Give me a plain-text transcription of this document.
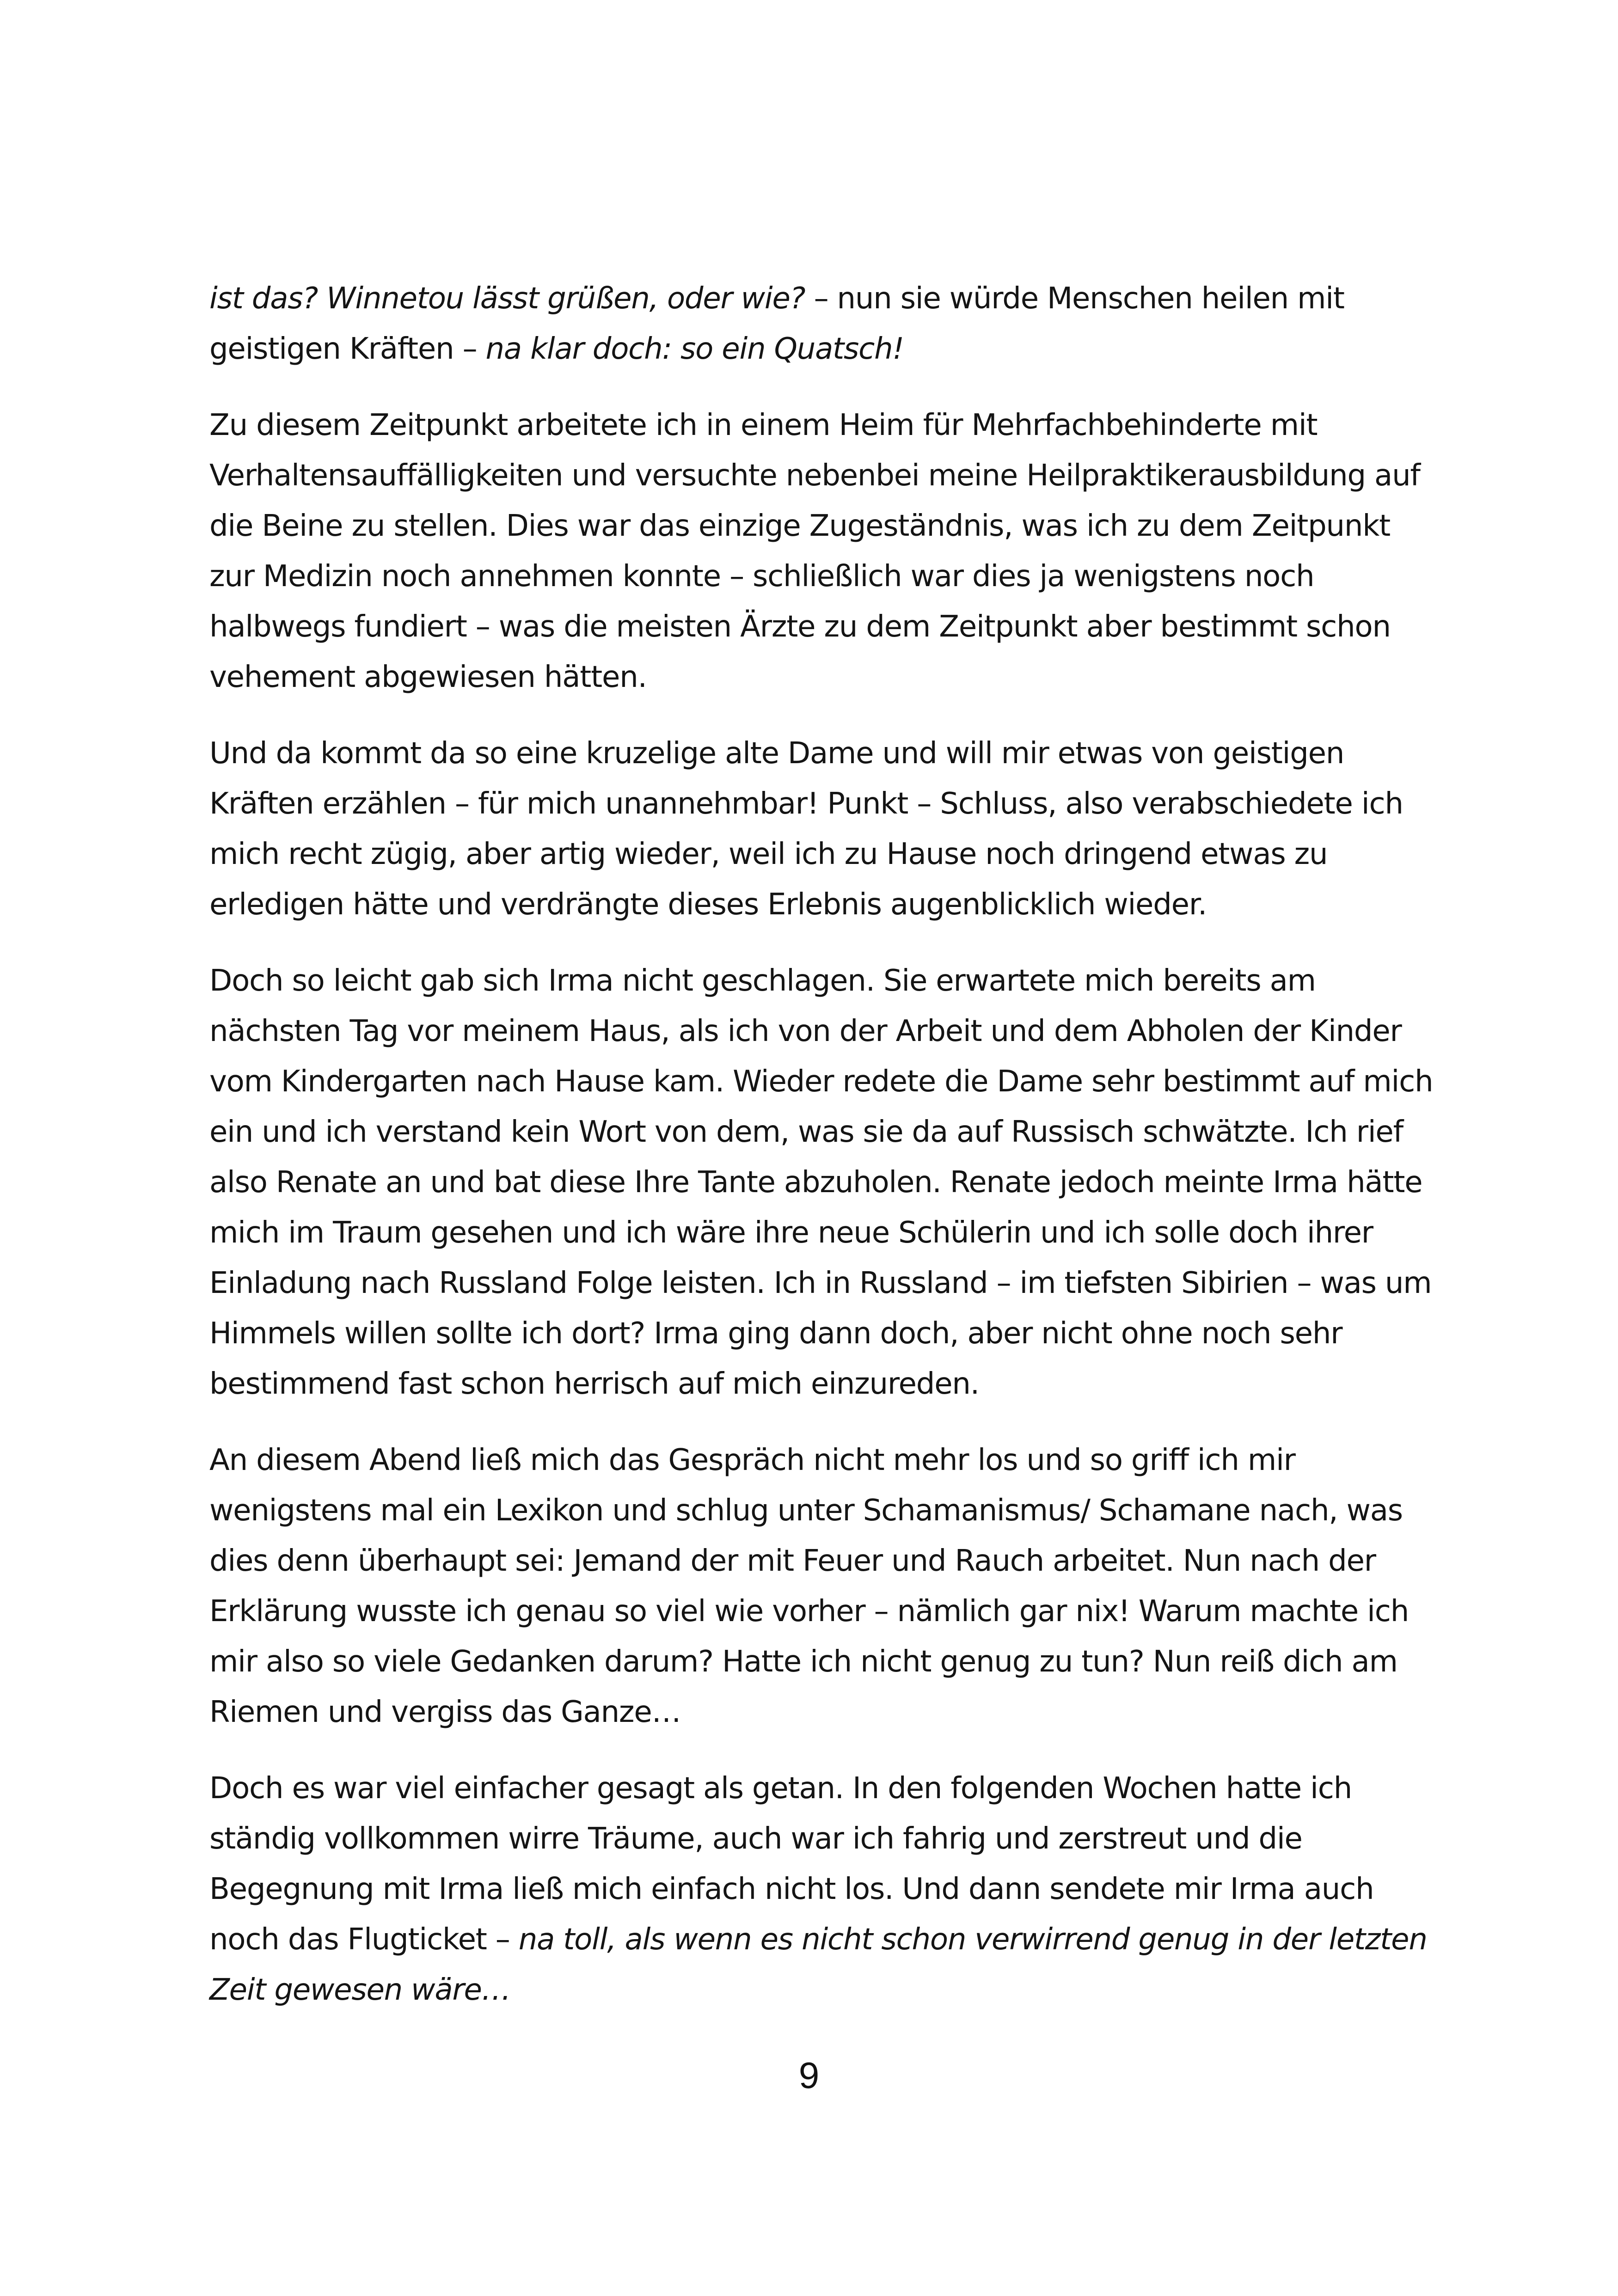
ist das? Winnetou lässt grüßen, oder wie? – nun sie würde Menschen heilen mit geistigen Kräften – na klar doch: so ein Quatsch!

Zu diesem Zeitpunkt arbeitete ich in einem Heim für Mehrfachbehinderte mit Verhaltensauffälligkeiten und versuchte nebenbei meine Heilpraktikerausbildung auf die Beine zu stellen. Dies war das einzige Zugeständnis, was ich zu dem Zeitpunkt zur Medizin noch annehmen konnte – schließlich war dies ja wenigstens noch halbwegs fundiert – was die meisten Ärzte zu dem Zeitpunkt aber bestimmt schon vehement abgewiesen hätten.

Und da kommt da so eine kruzelige alte Dame und will mir etwas von geistigen Kräften erzählen – für mich unannehmbar! Punkt – Schluss, also verabschiedete ich mich recht zügig, aber artig wieder, weil ich zu Hause noch dringend etwas zu erledigen hätte und verdrängte dieses Erlebnis augenblicklich wieder.

Doch so leicht gab sich Irma nicht geschlagen. Sie erwartete mich bereits am nächsten Tag vor meinem Haus, als ich von der Arbeit und dem Abholen der Kinder vom Kindergarten nach Hause kam. Wieder redete die Dame sehr bestimmt auf mich ein und ich verstand kein Wort von dem, was sie da auf Russisch schwätzte. Ich rief also Renate an und bat diese Ihre Tante abzuholen. Renate jedoch meinte Irma hätte mich im Traum gesehen und ich wäre ihre neue Schülerin und ich solle doch ihrer Einladung nach Russland Folge leisten. Ich in Russland – im tiefsten Sibirien – was um Himmels willen sollte ich dort? Irma ging dann doch, aber nicht ohne noch sehr bestimmend fast schon herrisch auf mich einzureden.

An diesem Abend ließ mich das Gespräch nicht mehr los und so griff ich mir wenigstens mal ein Lexikon und schlug unter Schamanismus/ Schamane nach, was dies denn überhaupt sei: Jemand der mit Feuer und Rauch arbeitet. Nun nach der Erklärung wusste ich genau so viel wie vorher – nämlich gar nix! Warum machte ich mir also so viele Gedanken darum? Hatte ich nicht genug zu tun? Nun reiß dich am Riemen und vergiss das Ganze…

Doch es war viel einfacher gesagt als getan. In den folgenden Wochen hatte ich ständig vollkommen wirre Träume, auch war ich fahrig und zerstreut und die Begegnung mit Irma ließ mich einfach nicht los. Und dann sendete mir Irma auch noch das Flugticket – na toll, als wenn es nicht schon verwirrend genug in der letzten Zeit gewesen wäre…

9
